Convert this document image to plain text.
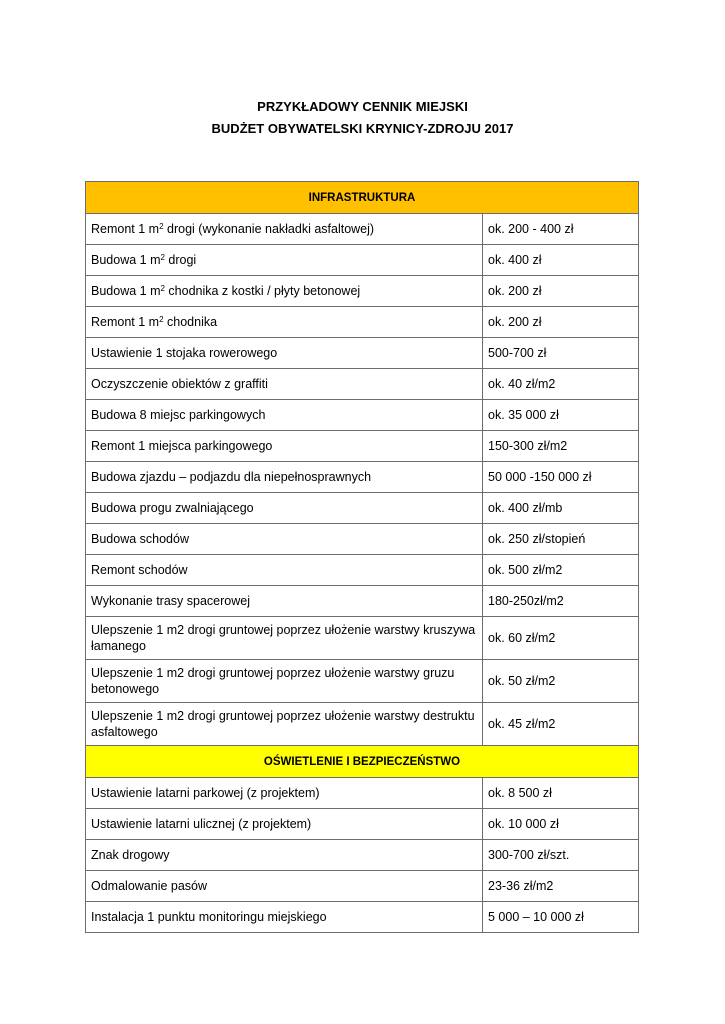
PRZYKŁADOWY CENNIK MIEJSKI
BUDŻET OBYWATELSKI KRYNICY-ZDROJU 2017
INFRASTRUKTURA	
Remont 1 $m^2$ drogi (wykonanie nakładki asfaltowej)	ok. 200 - 400 zł
Budowa 1 $m^2$ drogi	ok. 400 zł
Budowa 1 $m^2$ chodnika z kostki / płyty betonowej	ok. 200 zł
Remont 1 $m^2$ chodnika	ok. 200 zł
Ustawienie 1 stojaka rowerowego	500-700 zł
Oczyszczenie obiektów z graffiti	ok. 40 zł/m2
Budowa 8 miejsc parkingowych	ok. 35 000 zł
Remont 1 miejsca parkingowego	150-300 zł/m2
Budowa zjazdu – podjazdu dla niepełnosprawnych	50 000 -150 000 zł
Budowa progu zwalniającego	ok. 400 zł/mb
Budowa schodów	ok. 250 zł/stopień
Remont schodów	ok. 500 zł/m2
Wykonanie trasy spacerowej	180-250zł/m2
Ulepszenie 1 m2 drogi gruntowej poprzez ułożenie warstwy kruszywa łamanego	ok. 60 zł/m2
Ulepszenie 1 m2 drogi gruntowej poprzez ułożenie warstwy gruzu betonowego	ok. 50 zł/m2
Ulepszenie 1 m2 drogi gruntowej poprzez ułożenie warstwy destruktu asfaltowego	ok. 45 zł/m2
OŚWIETLENIE I BEZPIECZEŃSTWO	
Ustawienie latarni parkowej (z projektem)	ok. 8 500 zł
Ustawienie latarni ulicznej (z projektem)	ok. 10 000 zł
Znak drogowy	300-700 zł/szt.
Odmalowanie pasów	23-36 zł/m2
Instalacja 1 punktu monitoringu miejskiego	5 000 – 10 000 zł
